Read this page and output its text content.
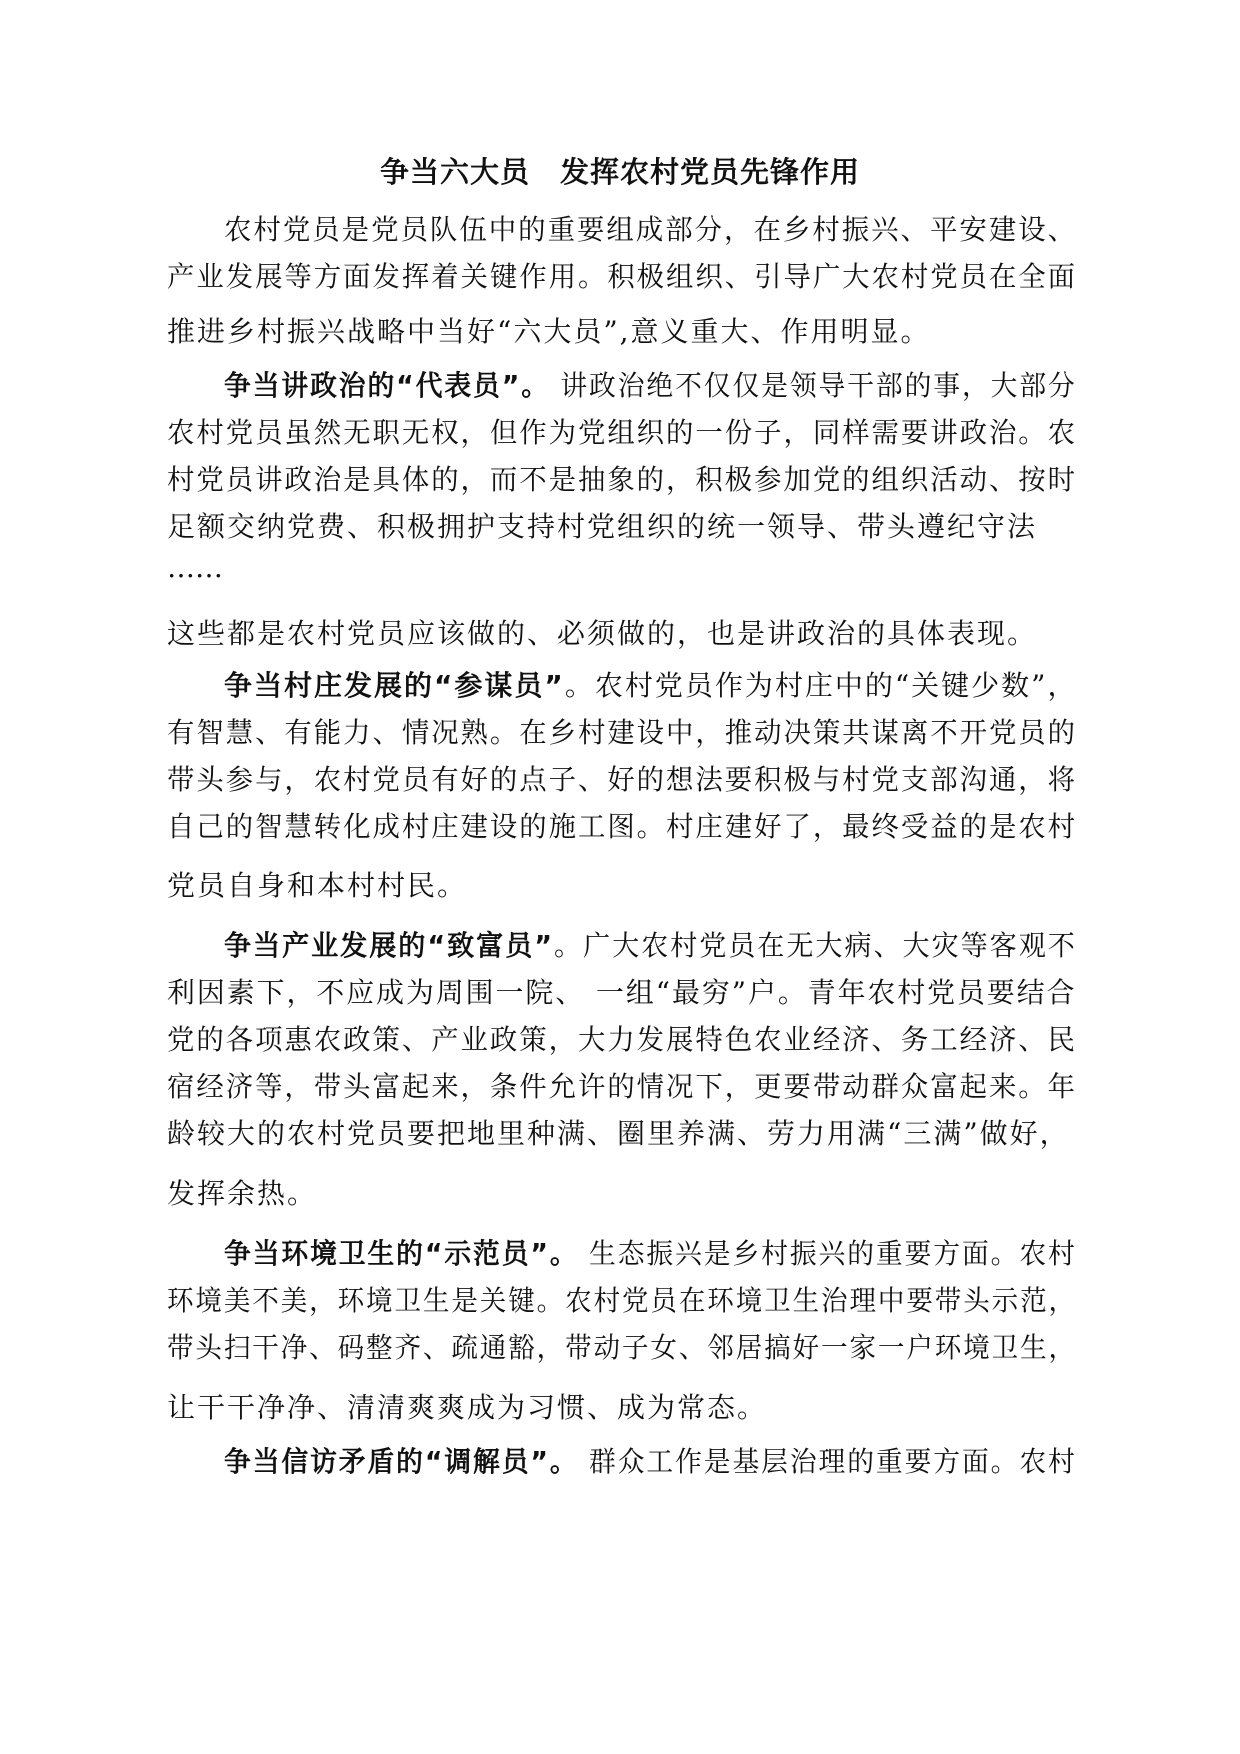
争当六大员　发挥农村党员先锋作用
农村党员是党员队伍中的重要组成部分，在乡村振兴、平安建设、
产业发展等方面发挥着关键作用。积极组织、引导广大农村党员在全面
推进乡村振兴战略中当好“六大员”,意义重大、作用明显。
争当讲政治的“代表员”。 讲政治绝不仅仅是领导干部的事，大部分
农村党员虽然无职无权，但作为党组织的一份子，同样需要讲政治。农
村党员讲政治是具体的，而不是抽象的，积极参加党的组织活动、按时
足额交纳党费、积极拥护支持村党组织的统一领导、带头遵纪守法
……
这些都是农村党员应该做的、必须做的，也是讲政治的具体表现。
争当村庄发展的“参谋员”。农村党员作为村庄中的“关键少数”，
有智慧、有能力、情况熟。在乡村建设中，推动决策共谋离不开党员的
带头参与，农村党员有好的点子、好的想法要积极与村党支部沟通，将
自己的智慧转化成村庄建设的施工图。村庄建好了，最终受益的是农村
党员自身和本村村民。
争当产业发展的“致富员”。广大农村党员在无大病、大灾等客观不
利因素下，不应成为周围一院、 一组“最穷”户。青年农村党员要结合
党的各项惠农政策、产业政策，大力发展特色农业经济、务工经济、民
宿经济等，带头富起来，条件允许的情况下，更要带动群众富起来。年
龄较大的农村党员要把地里种满、圈里养满、劳力用满“三满”做好，
发挥余热。
争当环境卫生的“示范员”。 生态振兴是乡村振兴的重要方面。农村
环境美不美，环境卫生是关键。农村党员在环境卫生治理中要带头示范，
带头扫干净、码整齐、疏通豁，带动子女、邻居搞好一家一户环境卫生，
让干干净净、清清爽爽成为习惯、成为常态。
争当信访矛盾的“调解员”。 群众工作是基层治理的重要方面。农村
